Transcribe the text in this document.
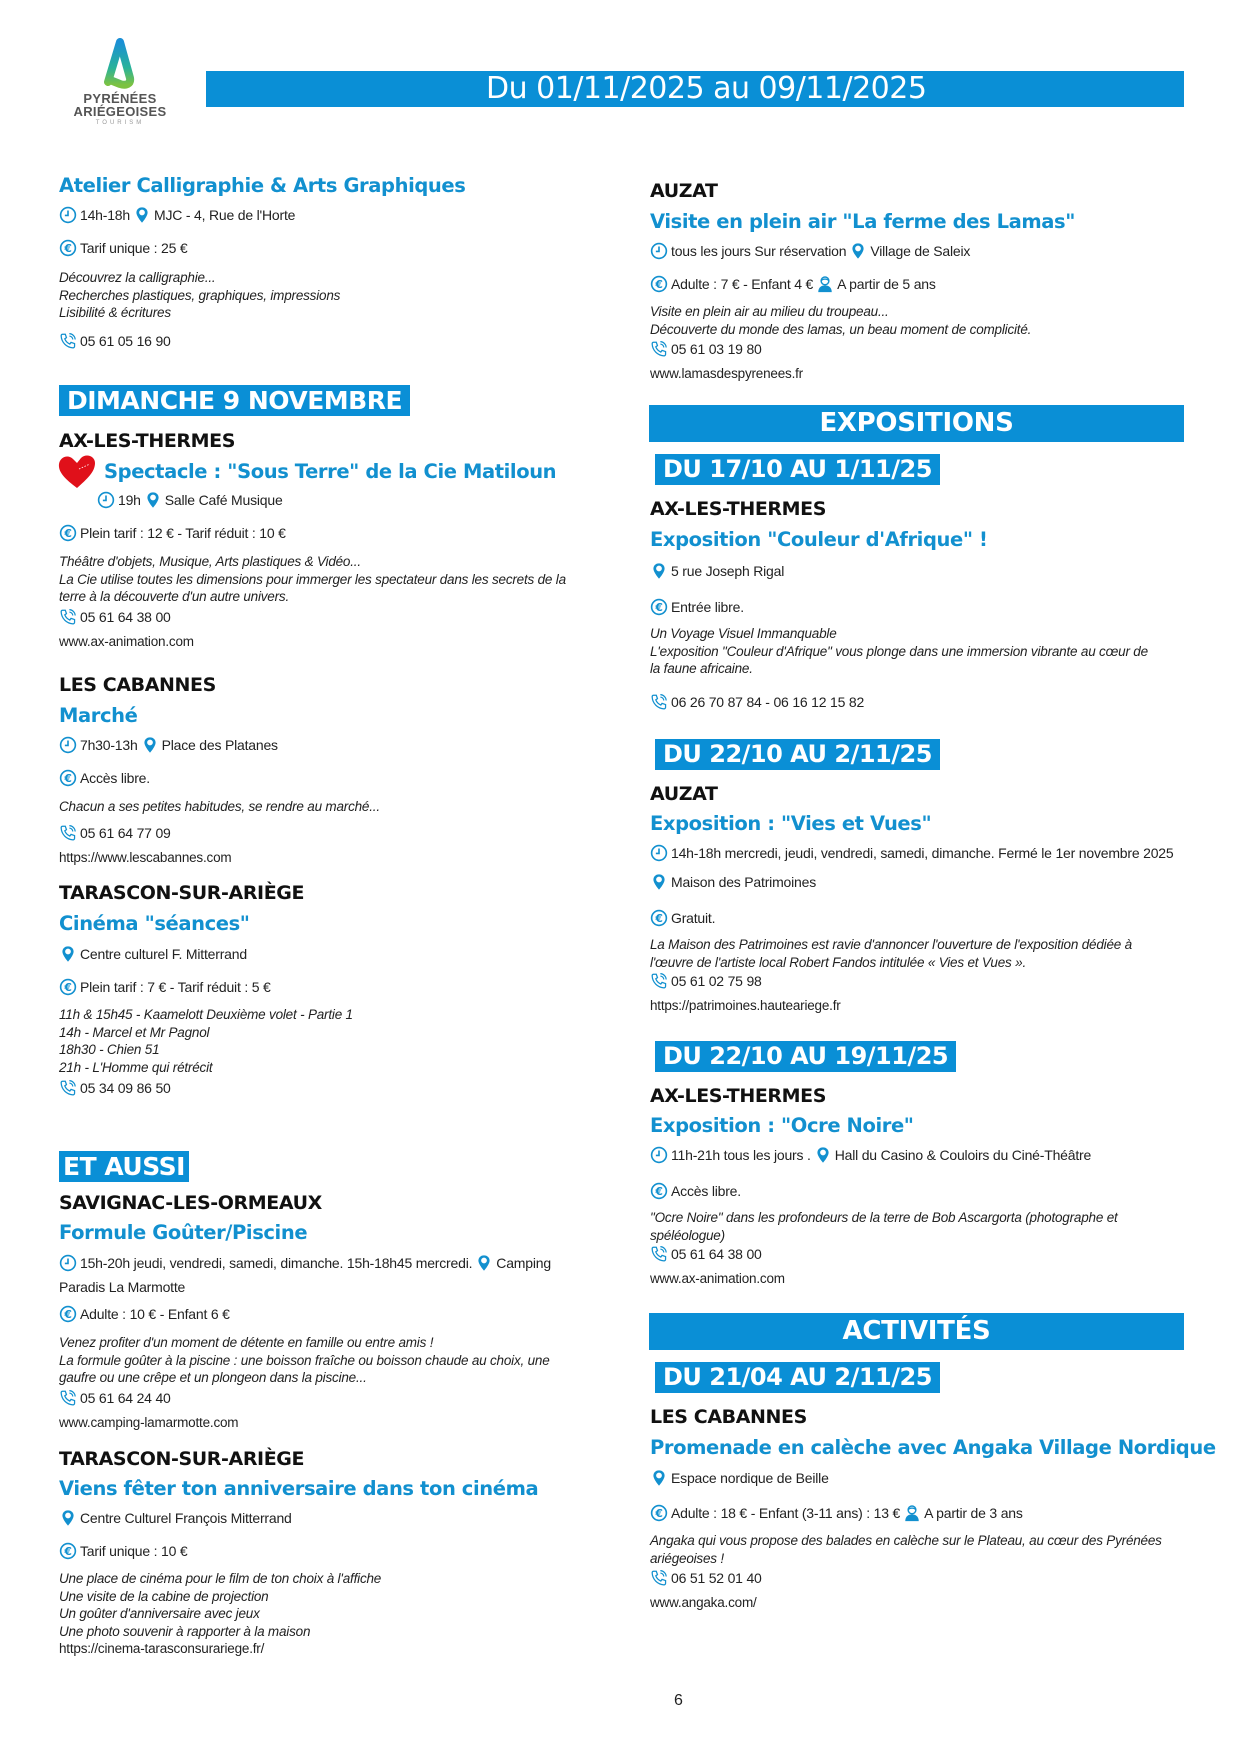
PYRÉNÉES
ARIÉGEOISES
TOURISM
Du 01/11/2025 au 09/11/2025
Atelier Calligraphie & Arts Graphiques
14h-18h MJC - 4, Rue de l'Horte
Tarif unique : 25 €
Découvrez la calligraphie...
Recherches plastiques, graphiques, impressions
Lisibilité & écritures
05 61 05 16 90
DIMANCHE 9 NOVEMBRE
AX-LES-THERMES
Spectacle : "Sous Terre" de la Cie Matiloun
19h Salle Café Musique
Plein tarif : 12 € - Tarif réduit : 10 €
Théâtre d'objets, Musique, Arts plastiques & Vidéo...
La Cie utilise toutes les dimensions pour immerger les spectateur dans les secrets de la
terre à la découverte d'un autre univers.
05 61 64 38 00
www.ax-animation.com
LES CABANNES
Marché
7h30-13h Place des Platanes
Accès libre.
Chacun a ses petites habitudes, se rendre au marché...
05 61 64 77 09
https://www.lescabannes.com
TARASCON-SUR-ARIÈGE
Cinéma "séances"
Centre culturel F. Mitterrand
Plein tarif : 7 € - Tarif réduit : 5 €
11h & 15h45 - Kaamelott Deuxième volet - Partie 1
14h - Marcel et Mr Pagnol
18h30 - Chien 51
21h - L'Homme qui rétrécit
05 34 09 86 50
ET AUSSI
SAVIGNAC-LES-ORMEAUX
Formule Goûter/Piscine
15h-20h jeudi, vendredi, samedi, dimanche. 15h-18h45 mercredi. Camping
Paradis La Marmotte
Adulte : 10 € - Enfant 6 €
Venez profiter d'un moment de détente en famille ou entre amis !
La formule goûter à la piscine : une boisson fraîche ou boisson chaude au choix, une
gaufre ou une crêpe et un plongeon dans la piscine...
05 61 64 24 40
www.camping-lamarmotte.com
TARASCON-SUR-ARIÈGE
Viens fêter ton anniversaire dans ton cinéma
Centre Culturel François Mitterrand
Tarif unique : 10 €
Une place de cinéma pour le film de ton choix à l'affiche
Une visite de la cabine de projection
Un goûter d'anniversaire avec jeux
Une photo souvenir à rapporter à la maison
https://cinema-tarasconsurariege.fr/
AUZAT
Visite en plein air "La ferme des Lamas"
tous les jours Sur réservation Village de Saleix
Adulte : 7 € - Enfant 4 € A partir de 5 ans
Visite en plein air au milieu du troupeau...
Découverte du monde des lamas, un beau moment de complicité.
05 61 03 19 80
www.lamasdespyrenees.fr
EXPOSITIONS
DU 17/10 AU 1/11/25
AX-LES-THERMES
Exposition "Couleur d'Afrique" !
5 rue Joseph Rigal
Entrée libre.
Un Voyage Visuel Immanquable
L'exposition "Couleur d'Afrique" vous plonge dans une immersion vibrante au cœur de
la faune africaine.
06 26 70 87 84 - 06 16 12 15 82
DU 22/10 AU 2/11/25
AUZAT
Exposition : "Vies et Vues"
14h-18h mercredi, jeudi, vendredi, samedi, dimanche. Fermé le 1er novembre 2025
Maison des Patrimoines
Gratuit.
La Maison des Patrimoines est ravie d'annoncer l'ouverture de l'exposition dédiée à
l'œuvre de l'artiste local Robert Fandos intitulée « Vies et Vues ».
05 61 02 75 98
https://patrimoines.hauteariege.fr
DU 22/10 AU 19/11/25
AX-LES-THERMES
Exposition : "Ocre Noire"
11h-21h tous les jours . Hall du Casino & Couloirs du Ciné-Théâtre
Accès libre.
"Ocre Noire" dans les profondeurs de la terre de Bob Ascargorta (photographe et
spéléologue)
05 61 64 38 00
www.ax-animation.com
ACTIVITÉS
DU 21/04 AU 2/11/25
LES CABANNES
Promenade en calèche avec Angaka Village Nordique
Espace nordique de Beille
Adulte : 18 € - Enfant (3-11 ans) : 13 € A partir de 3 ans
Angaka qui vous propose des balades en calèche sur le Plateau, au cœur des Pyrénées
ariégeoises !
06 51 52 01 40
www.angaka.com/
6
